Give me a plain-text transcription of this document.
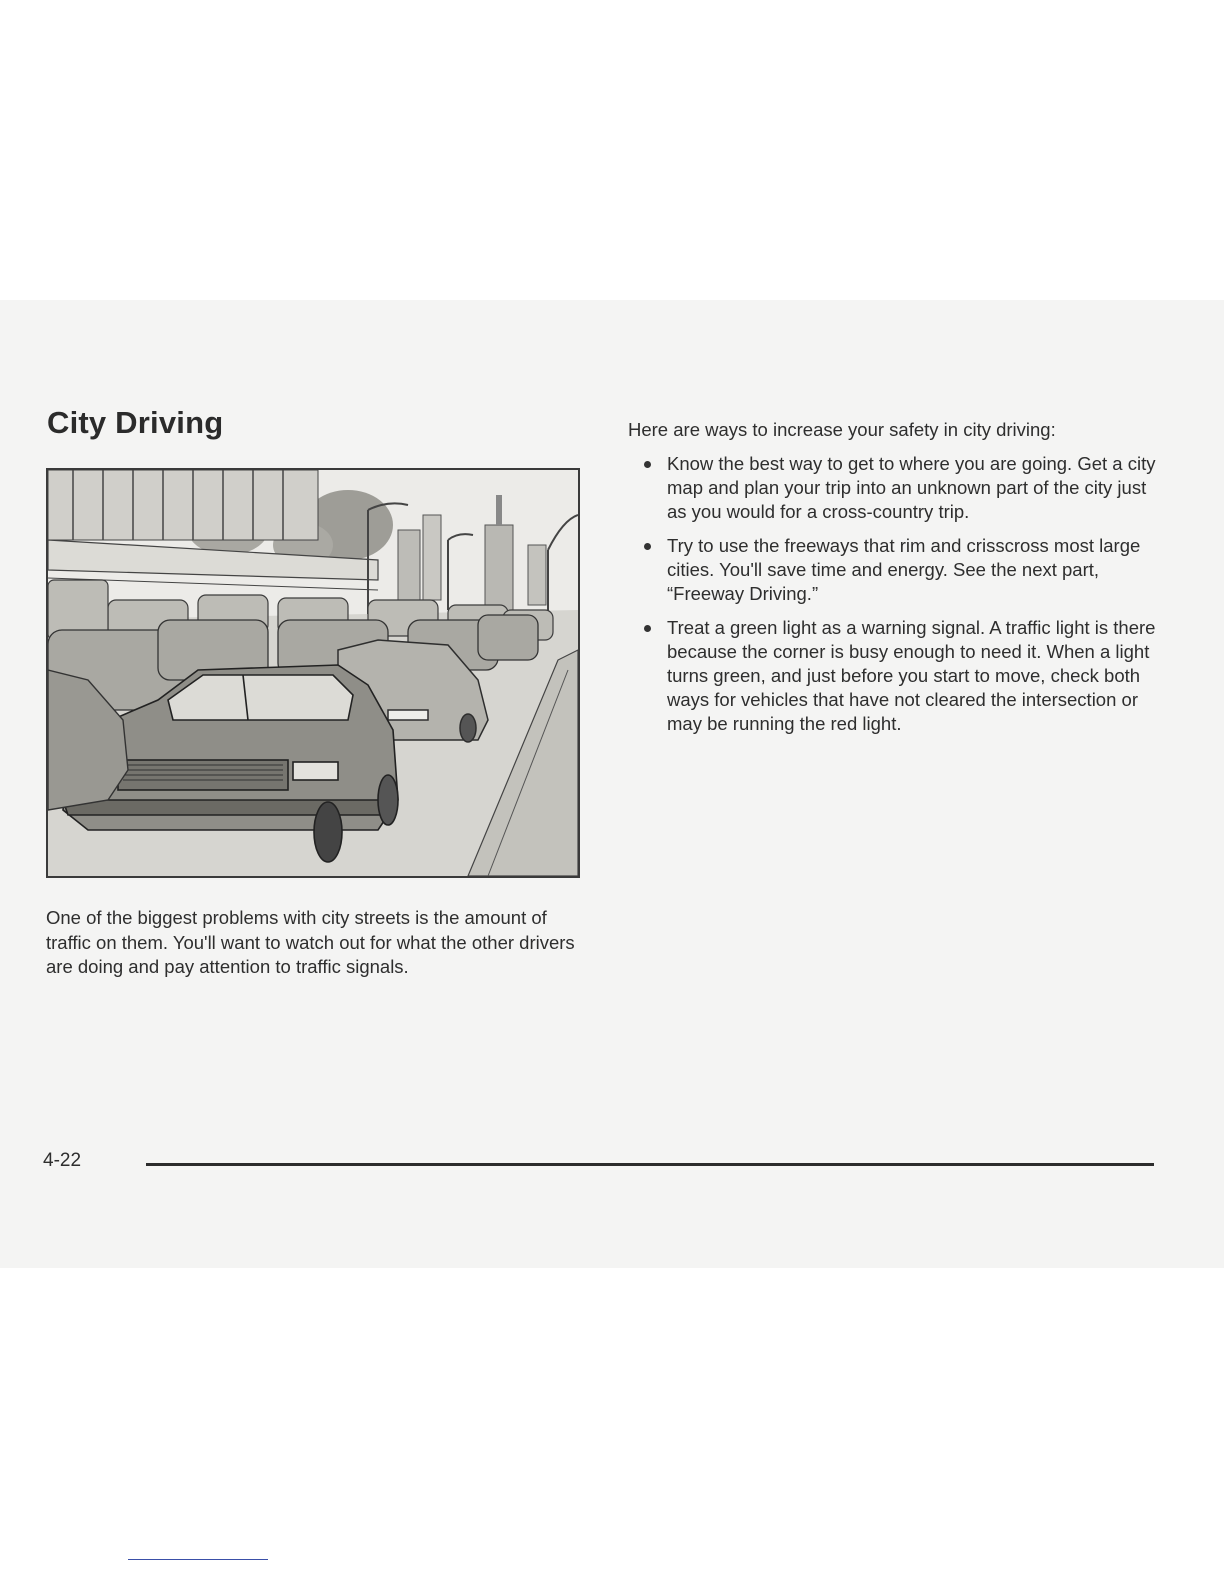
City Driving

One of the biggest problems with city streets is the amount of traffic on them. You'll want to watch out for what the other drivers are doing and pay attention to traffic signals.

Here are ways to increase your safety in city driving:

Know the best way to get to where you are going. Get a city map and plan your trip into an unknown part of the city just as you would for a cross-country trip.
Try to use the freeways that rim and crisscross most large cities. You'll save time and energy. See the next part, “Freeway Driving.”
Treat a green light as a warning signal. A traffic light is there because the corner is busy enough to need it. When a light turns green, and just before you start to move, check both ways for vehicles that have not cleared the intersection or may be running the red light.
4-22
